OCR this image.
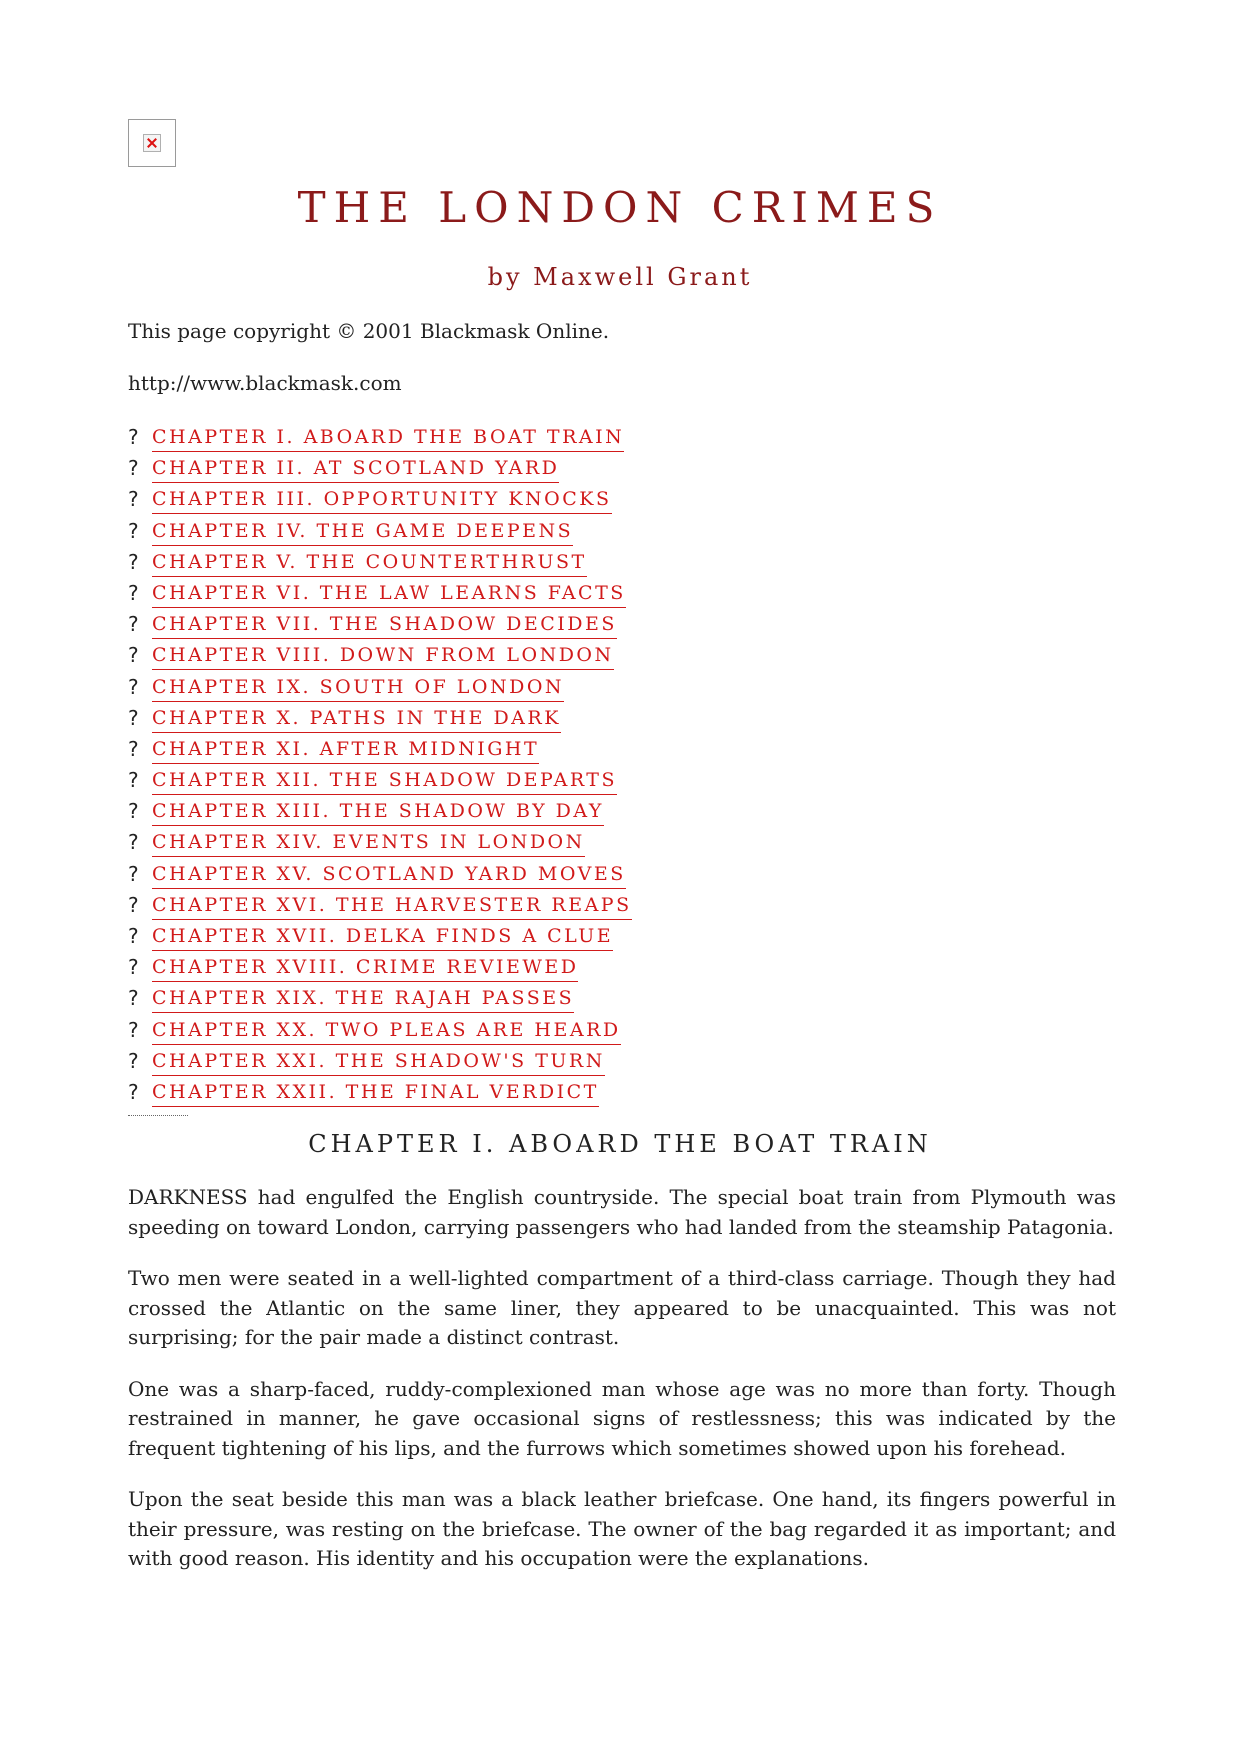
THE LONDON CRIMES
by Maxwell Grant
This page copyright © 2001 Blackmask Online.
http://www.blackmask.com
? CHAPTER I. ABOARD THE BOAT TRAIN
? CHAPTER II. AT SCOTLAND YARD
? CHAPTER III. OPPORTUNITY KNOCKS
? CHAPTER IV. THE GAME DEEPENS
? CHAPTER V. THE COUNTERTHRUST
? CHAPTER VI. THE LAW LEARNS FACTS
? CHAPTER VII. THE SHADOW DECIDES
? CHAPTER VIII. DOWN FROM LONDON
? CHAPTER IX. SOUTH OF LONDON
? CHAPTER X. PATHS IN THE DARK
? CHAPTER XI. AFTER MIDNIGHT
? CHAPTER XII. THE SHADOW DEPARTS
? CHAPTER XIII. THE SHADOW BY DAY
? CHAPTER XIV. EVENTS IN LONDON
? CHAPTER XV. SCOTLAND YARD MOVES
? CHAPTER XVI. THE HARVESTER REAPS
? CHAPTER XVII. DELKA FINDS A CLUE
? CHAPTER XVIII. CRIME REVIEWED
? CHAPTER XIX. THE RAJAH PASSES
? CHAPTER XX. TWO PLEAS ARE HEARD
? CHAPTER XXI. THE SHADOW'S TURN
? CHAPTER XXII. THE FINAL VERDICT
CHAPTER I. ABOARD THE BOAT TRAIN

DARKNESS had engulfed the English countryside. The special boat train from Plymouth was speeding on toward London, carrying passengers who had landed from the steamship Patagonia.

Two men were seated in a well-lighted compartment of a third-class carriage. Though they had crossed the Atlantic on the same liner, they appeared to be unacquainted. This was not surprising; for the pair made a distinct contrast.

One was a sharp-faced, ruddy-complexioned man whose age was no more than forty. Though restrained in manner, he gave occasional signs of restlessness; this was indicated by the frequent tightening of his lips, and the furrows which sometimes showed upon his forehead.

Upon the seat beside this man was a black leather briefcase. One hand, its fingers powerful in their pressure, was resting on the briefcase. The owner of the bag regarded it as important; and with good reason. His identity and his occupation were the explanations.
